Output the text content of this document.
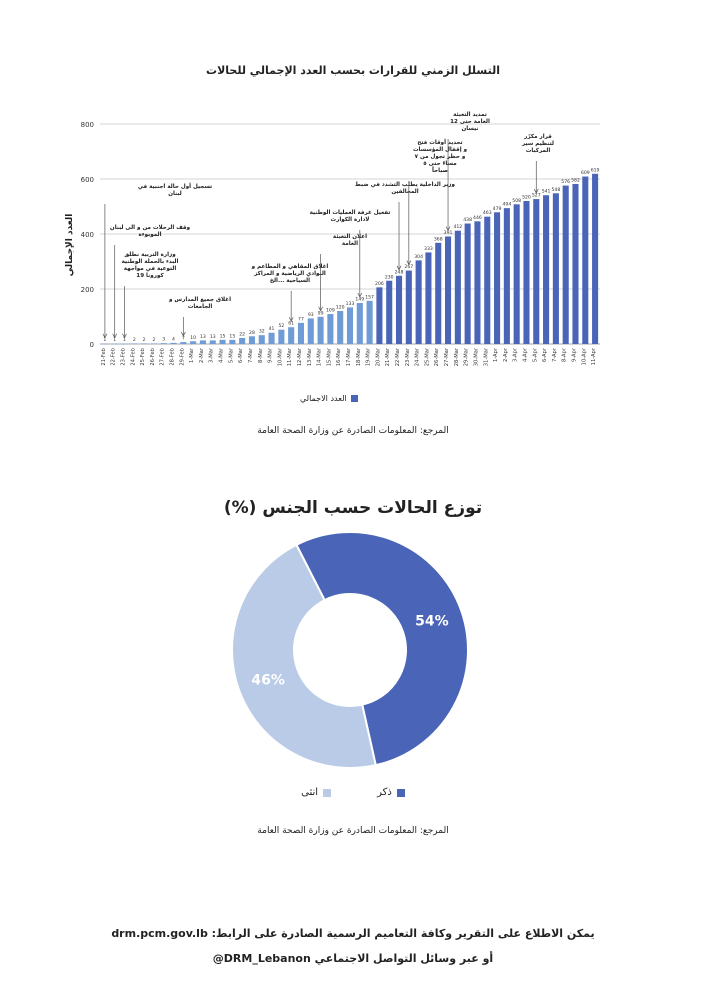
التسلل الزمني للقرارات بحسب العدد الإجمالي للحالات
0
200
400
600
800
1 1 1 2 2 2 3 4 7 10 13 13 15 15 22 28 32 41
52 61
77
93 99
109
120
133
149 157
206
230
248
267
304
333
368
391
412
438 446
463
479
494
508
520 527
541 548
576 582
609
619
21-Feb 22-Feb 23-Feb 24-Feb 25-Feb 26-Feb 27-Feb 28-Feb 29-Feb 1-Mar 2-Mar 3-Mar 4-Mar 5-Mar 6-Mar 7-Mar 8-Mar 9-Mar 10-Mar 11-Mar 12-Mar 13-Mar 14-Mar 15-Mar 16-Mar 17-Mar 18-Mar 19-Mar 20-Mar 21-Mar 22-Mar 23-Mar 24-Mar 25-Mar 26-Mar 27-Mar 28-Mar 29-Mar 30-Mar 31-Mar 1-Apr 2-Apr 3-Apr 4-Apr 5-Apr 6-Apr 7-Apr 8-Apr 9-Apr 10-Apr 11-Apr
تسجيل أول حالة اجنبية في لبنان
وقف الرحلات من و الى لبنان الموبوءة
وزارة التربية نطلق البدء بالحملة الوطنية التوعية في مواجهة كورونا 19
اغلاق جميع المدارس و الجامعات
اغلاق المقاهي و المطاعم و النوادي الرياضية و المراكز السياحية ...الخ
اعلان التعبئة العامة
تفعيل غرفة العمليات الوطنية لادارة الكوارث
وزير الداخلية يطلب التشدد في ضبط المخالفين
تحديد أوقات فتح و إقفال المؤسسات و حظر تجول من ٧ مساءً حتى ٥ صباحاً
تمديد التعبئة العامة حتى 12 نيسان
قرار مكرّر لتنظيم سير المركبات
العدد الإجمالي
العدد الاجمالي
المرجع: المعلومات الصادرة عن وزارة الصحة العامة
توزع الحالات حسب الجنس (%)
54%
46%
ذكر
انثى
المرجع: المعلومات الصادرة عن وزارة الصحة العامة
يمكن الاطلاع على التقرير وكافة التعاميم الرسمية الصادرة على الرابط: drm.pcm.gov.lb
أو عبر وسائل التواصل الاجتماعي DRM_Lebanon@
